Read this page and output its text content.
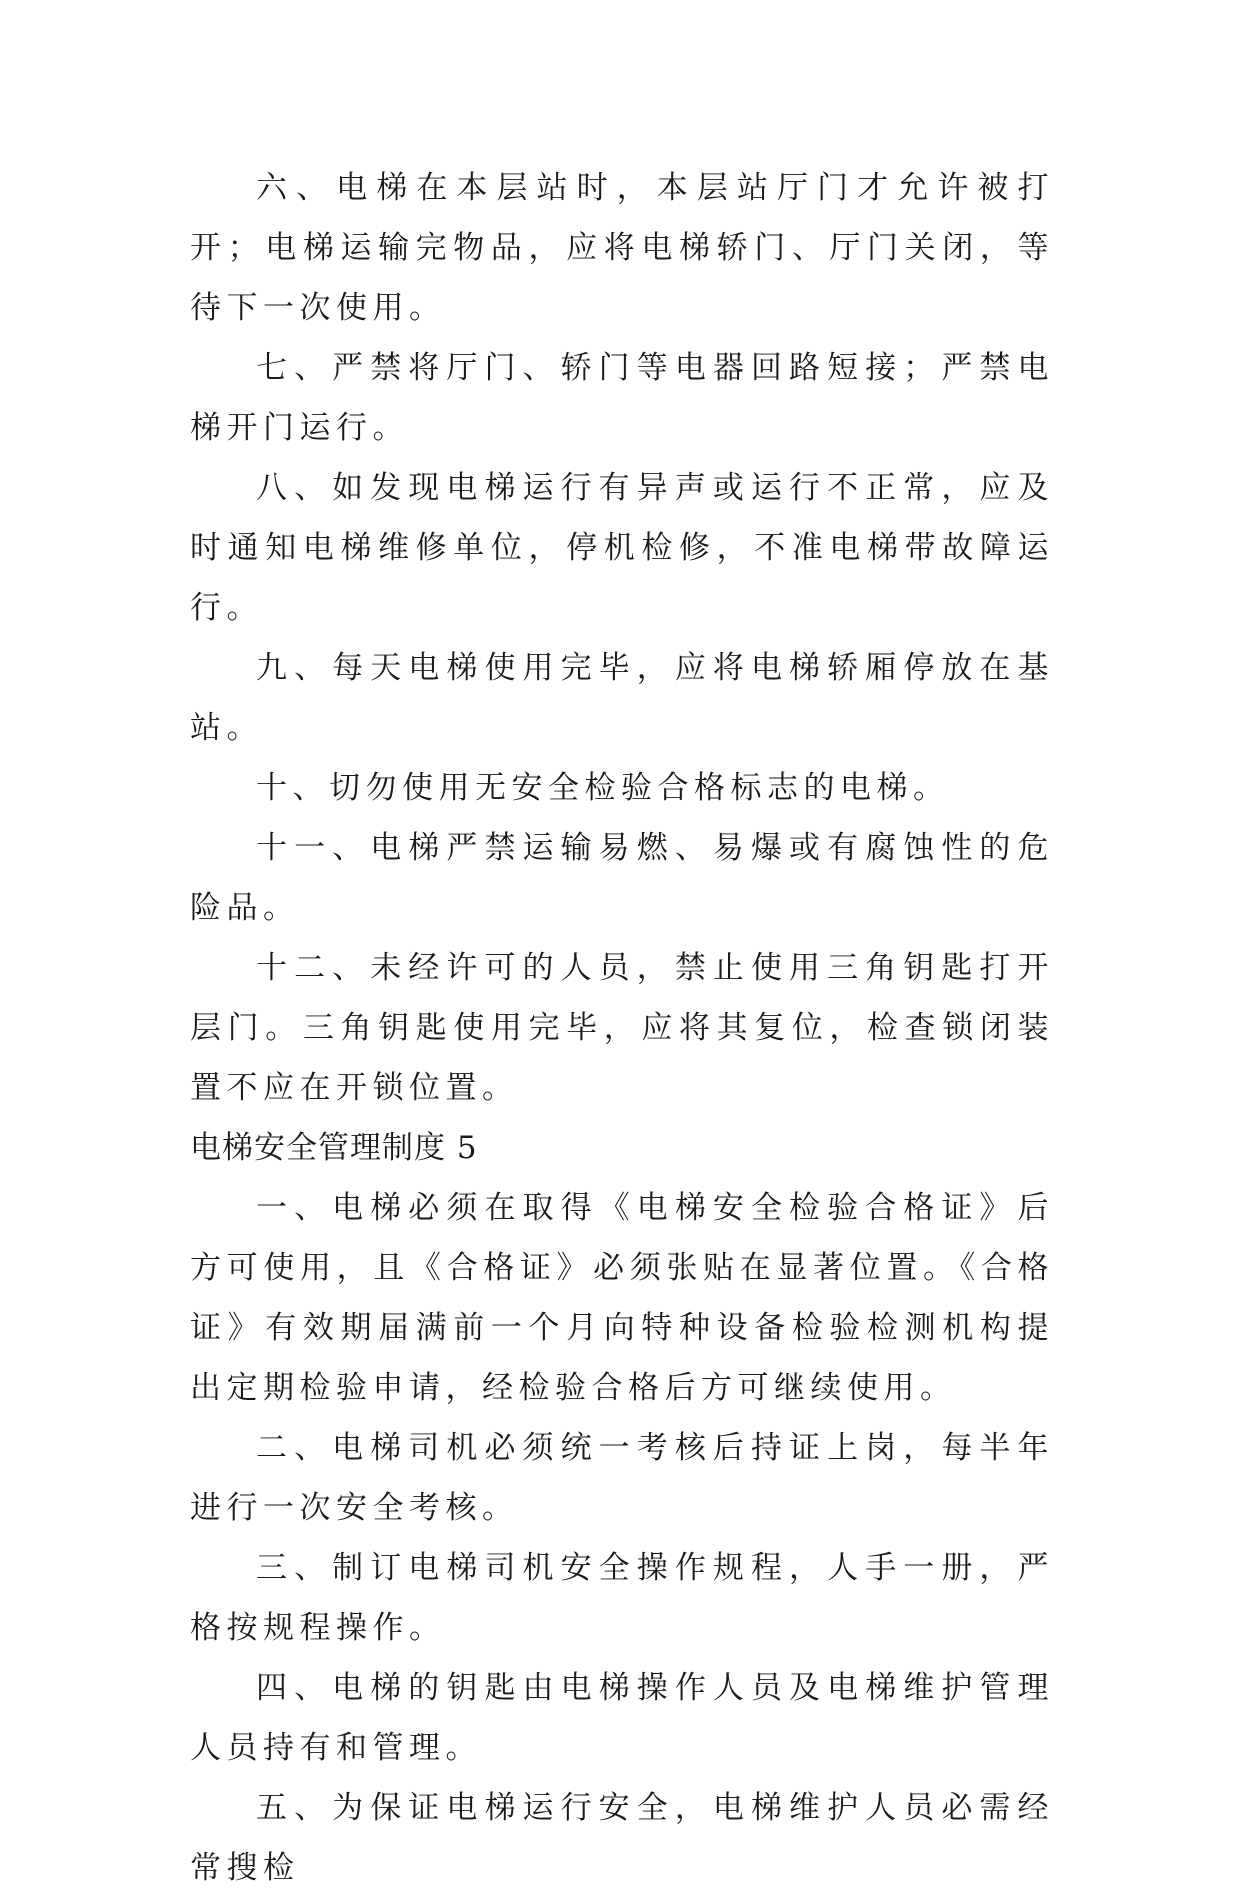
六、电梯在本层站时，本层站厅门才允许被打开；电梯运输完物品，应将电梯轿门、厅门关闭，等待下一次使用。

七、严禁将厅门、轿门等电器回路短接；严禁电梯开门运行。

八、如发现电梯运行有异声或运行不正常，应及时通知电梯维修单位，停机检修，不准电梯带故障运行。

九、每天电梯使用完毕，应将电梯轿厢停放在基站。

十、切勿使用无安全检验合格标志的电梯。

十一、电梯严禁运输易燃、易爆或有腐蚀性的危险品。

十二、未经许可的人员，禁止使用三角钥匙打开层门。三角钥匙使用完毕，应将其复位，检查锁闭装置不应在开锁位置。

电梯安全管理制度 5

一、电梯必须在取得《电梯安全检验合格证》后方可使用，且《合格证》必须张贴在显著位置。《合格证》有效期届满前一个月向特种设备检验检测机构提出定期检验申请，经检验合格后方可继续使用。

二、电梯司机必须统一考核后持证上岗，每半年进行一次安全考核。

三、制订电梯司机安全操作规程，人手一册，严格按规程操作。

四、电梯的钥匙由电梯操作人员及电梯维护管理人员持有和管理。

五、为保证电梯运行安全，电梯维护人员必需经常搜检
